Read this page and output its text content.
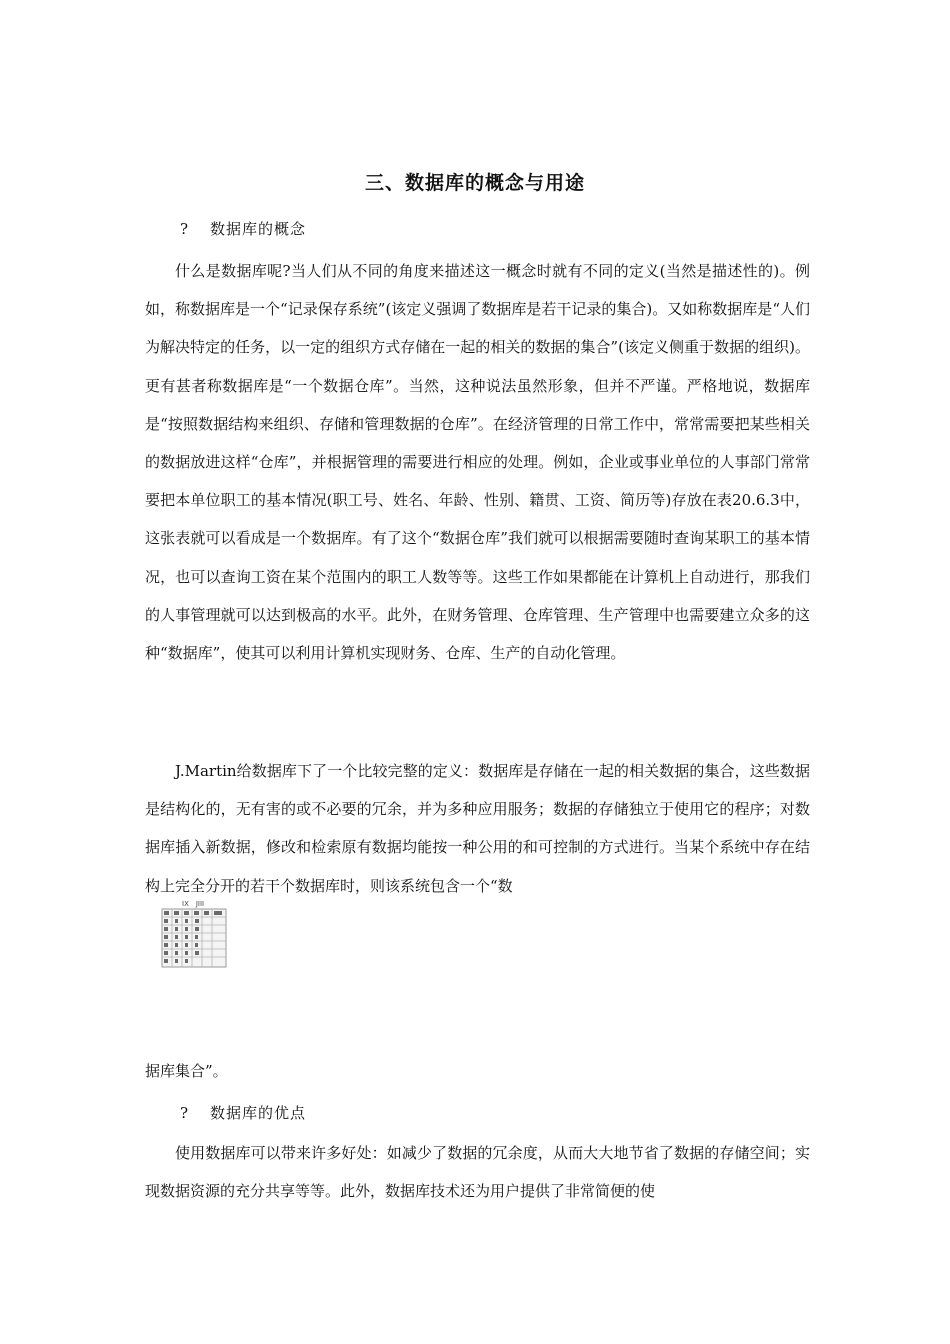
三、数据库的概念与用途
? 数据库的概念

什么是数据库呢?当人们从不同的角度来描述这一概念时就有不同的定义(当然是描述性的)。例如，称数据库是一个“记录保存系统”(该定义强调了数据库是若干记录的集合)。又如称数据库是“人们为解决特定的任务，以一定的组织方式存储在一起的相关的数据的集合”(该定义侧重于数据的组织)。更有甚者称数据库是“一个数据仓库”。当然，这种说法虽然形象，但并不严谨。严格地说，数据库是“按照数据结构来组织、存储和管理数据的仓库”。在经济管理的日常工作中，常常需要把某些相关的数据放进这样“仓库”，并根据管理的需要进行相应的处理。例如，企业或事业单位的人事部门常常要把本单位职工的基本情况(职工号、姓名、年龄、性别、籍贯、工资、简历等)存放在表20.6.3中，这张表就可以看成是一个数据库。有了这个“数据仓库”我们就可以根据需要随时查询某职工的基本情况，也可以查询工资在某个范围内的职工人数等等。这些工作如果都能在计算机上自动进行，那我们的人事管理就可以达到极高的水平。此外，在财务管理、仓库管理、生产管理中也需要建立众多的这种“数据库”，使其可以利用计算机实现财务、仓库、生产的自动化管理。

J.Martin给数据库下了一个比较完整的定义：数据库是存储在一起的相关数据的集合，这些数据是结构化的，无有害的或不必要的冗余，并为多种应用服务；数据的存储独立于使用它的程序；对数据库插入新数据，修改和检索原有数据均能按一种公用的和可控制的方式进行。当某个系统中存在结构上完全分开的若干个数据库时，则该系统包含一个“数

IX　JIII

据库集合”。

? 数据库的优点

使用数据库可以带来许多好处：如减少了数据的冗余度，从而大大地节省了数据的存储空间；实现数据资源的充分共享等等。此外，数据库技术还为用户提供了非常简便的使
